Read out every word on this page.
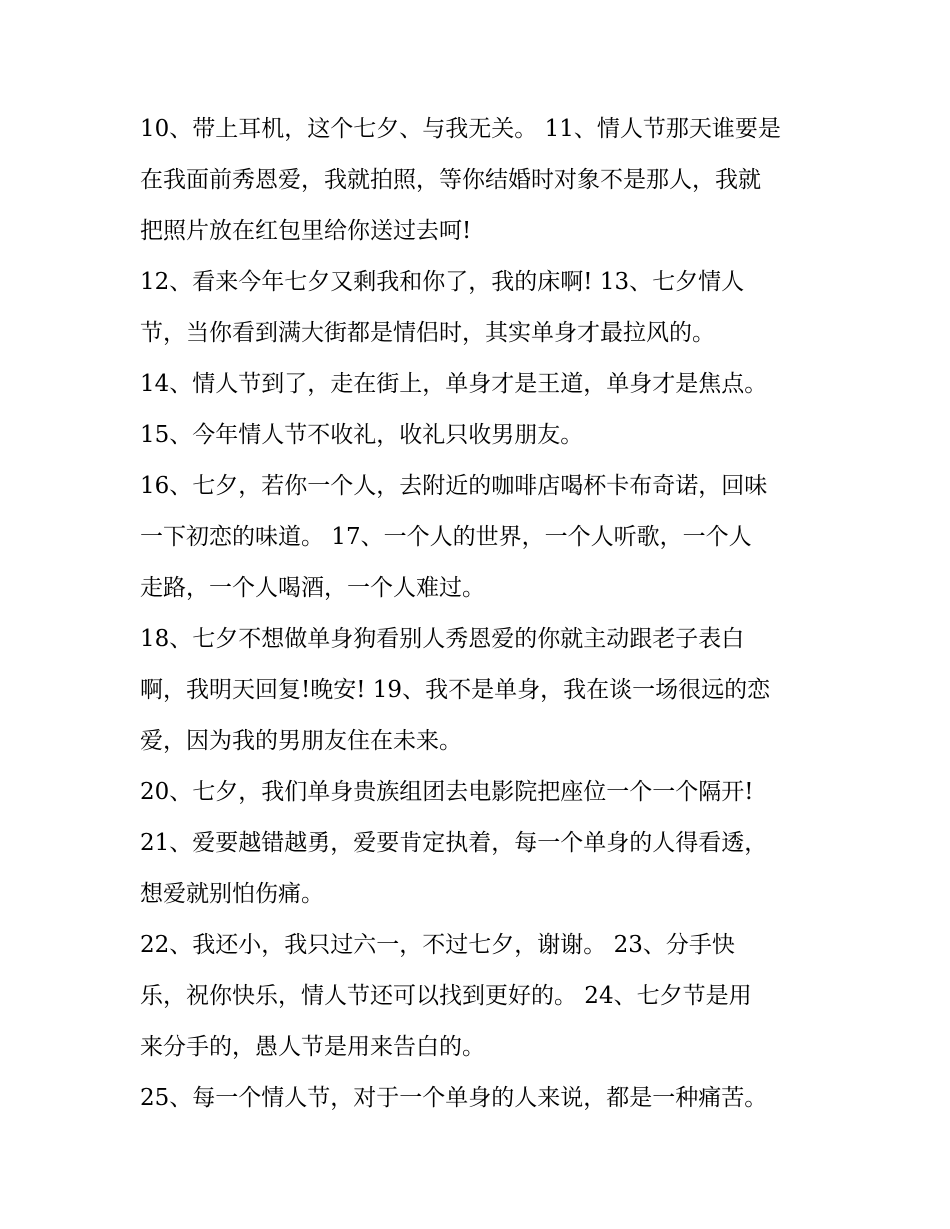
10、带上耳机，这个七夕、与我无关。 11、情人节那天谁要是
在我面前秀恩爱，我就拍照，等你结婚时对象不是那人，我就
把照片放在红包里给你送过去呵!
12、看来今年七夕又剩我和你了，我的床啊! 13、七夕情人
节，当你看到满大街都是情侣时，其实单身才最拉风的。
14、情人节到了，走在街上，单身才是王道，单身才是焦点。
15、今年情人节不收礼，收礼只收男朋友。
16、七夕，若你一个人，去附近的咖啡店喝杯卡布奇诺，回味
一下初恋的味道。 17、一个人的世界，一个人听歌，一个人
走路，一个人喝酒，一个人难过。
18、七夕不想做单身狗看别人秀恩爱的你就主动跟老子表白
啊，我明天回复!晚安! 19、我不是单身，我在谈一场很远的恋
爱，因为我的男朋友住在未来。
20、七夕，我们单身贵族组团去电影院把座位一个一个隔开!
21、爱要越错越勇，爱要肯定执着，每一个单身的人得看透，
想爱就别怕伤痛。
22、我还小，我只过六一，不过七夕，谢谢。 23、分手快
乐，祝你快乐，情人节还可以找到更好的。 24、七夕节是用
来分手的，愚人节是用来告白的。
25、每一个情人节，对于一个单身的人来说，都是一种痛苦。
